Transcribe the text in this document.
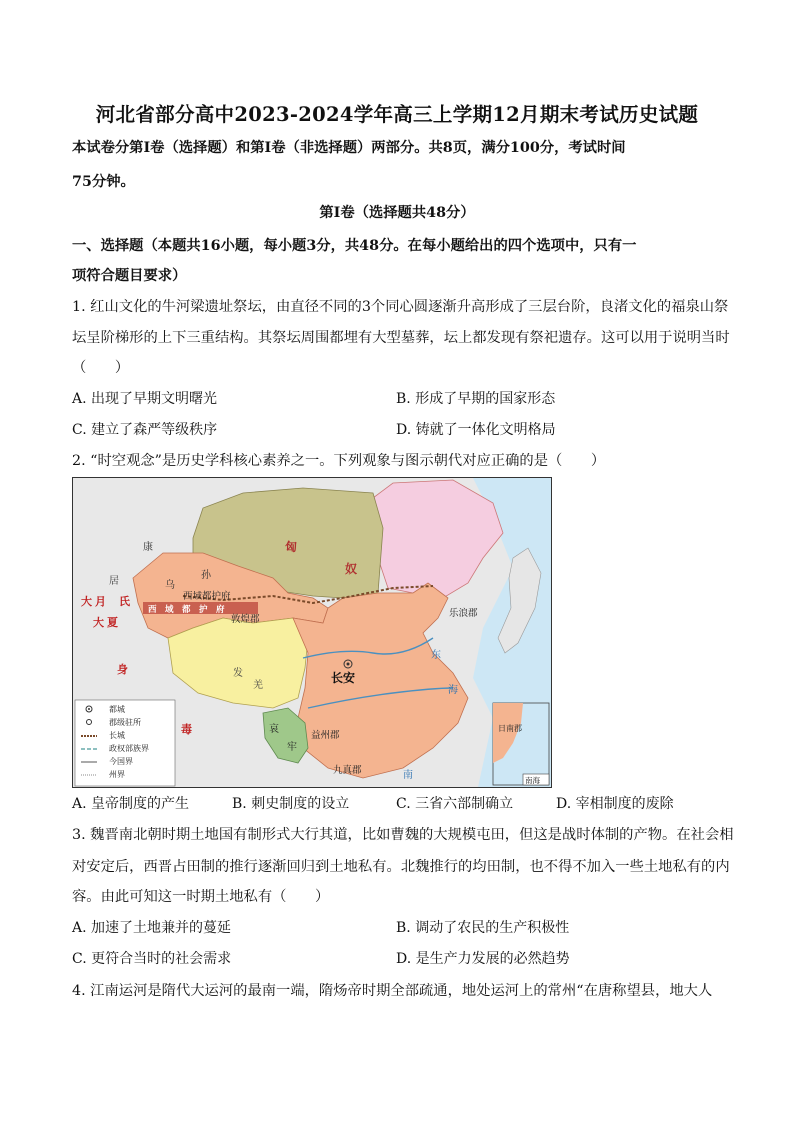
河北省部分高中2023-2024学年高三上学期12月期末考试历史试题
本试卷分第Ⅰ卷（选择题）和第Ⅰ卷（非选择题）两部分。共8页，满分100分，考试时间
75分钟。
第Ⅰ卷（选择题共48分）
一、选择题（本题共16小题，每小题3分，共48分。在每小题给出的四个选项中，只有一
项符合题目要求）
1. 红山文化的牛河梁遗址祭坛，由直径不同的3个同心圆逐渐升高形成了三层台阶，良渚文化的福泉山祭
坛呈阶梯形的上下三重结构。其祭坛周围都埋有大型墓葬，坛上都发现有祭祀遗存。这可以用于说明当时
（　　）
A. 出现了早期文明曙光	B. 形成了早期的国家形态
C. 建立了森严等级秩序	D. 铸就了一体化文明格局
2. “时空观念”是历史学科核心素养之一。下列观象与图示朝代对应正确的是（　　）
匈
奴
乌
孙
西域都护府
西　域　都　护　府
敦煌郡
乐浪郡
长安
大 月 氏
大 夏
康
居
身
毒
发
羌
哀
牢
益州郡
九真郡
东
海
南
都城
郡级驻所
长城
政权部族界
今国界
州界
日南郡
南海
A. 皇帝制度的产生	B. 刺史制度的设立	C. 三省六部制确立	D. 宰相制度的废除
3. 魏晋南北朝时期土地国有制形式大行其道，比如曹魏的大规模屯田，但这是战时体制的产物。在社会相
对安定后，西晋占田制的推行逐渐回归到土地私有。北魏推行的均田制，也不得不加入一些土地私有的内
容。由此可知这一时期土地私有（　　）
A. 加速了土地兼并的蔓延	B. 调动了农民的生产积极性
C. 更符合当时的社会需求	D. 是生产力发展的必然趋势
4. 江南运河是隋代大运河的最南一端，隋炀帝时期全部疏通，地处运河上的常州“在唐称望县，地大人
